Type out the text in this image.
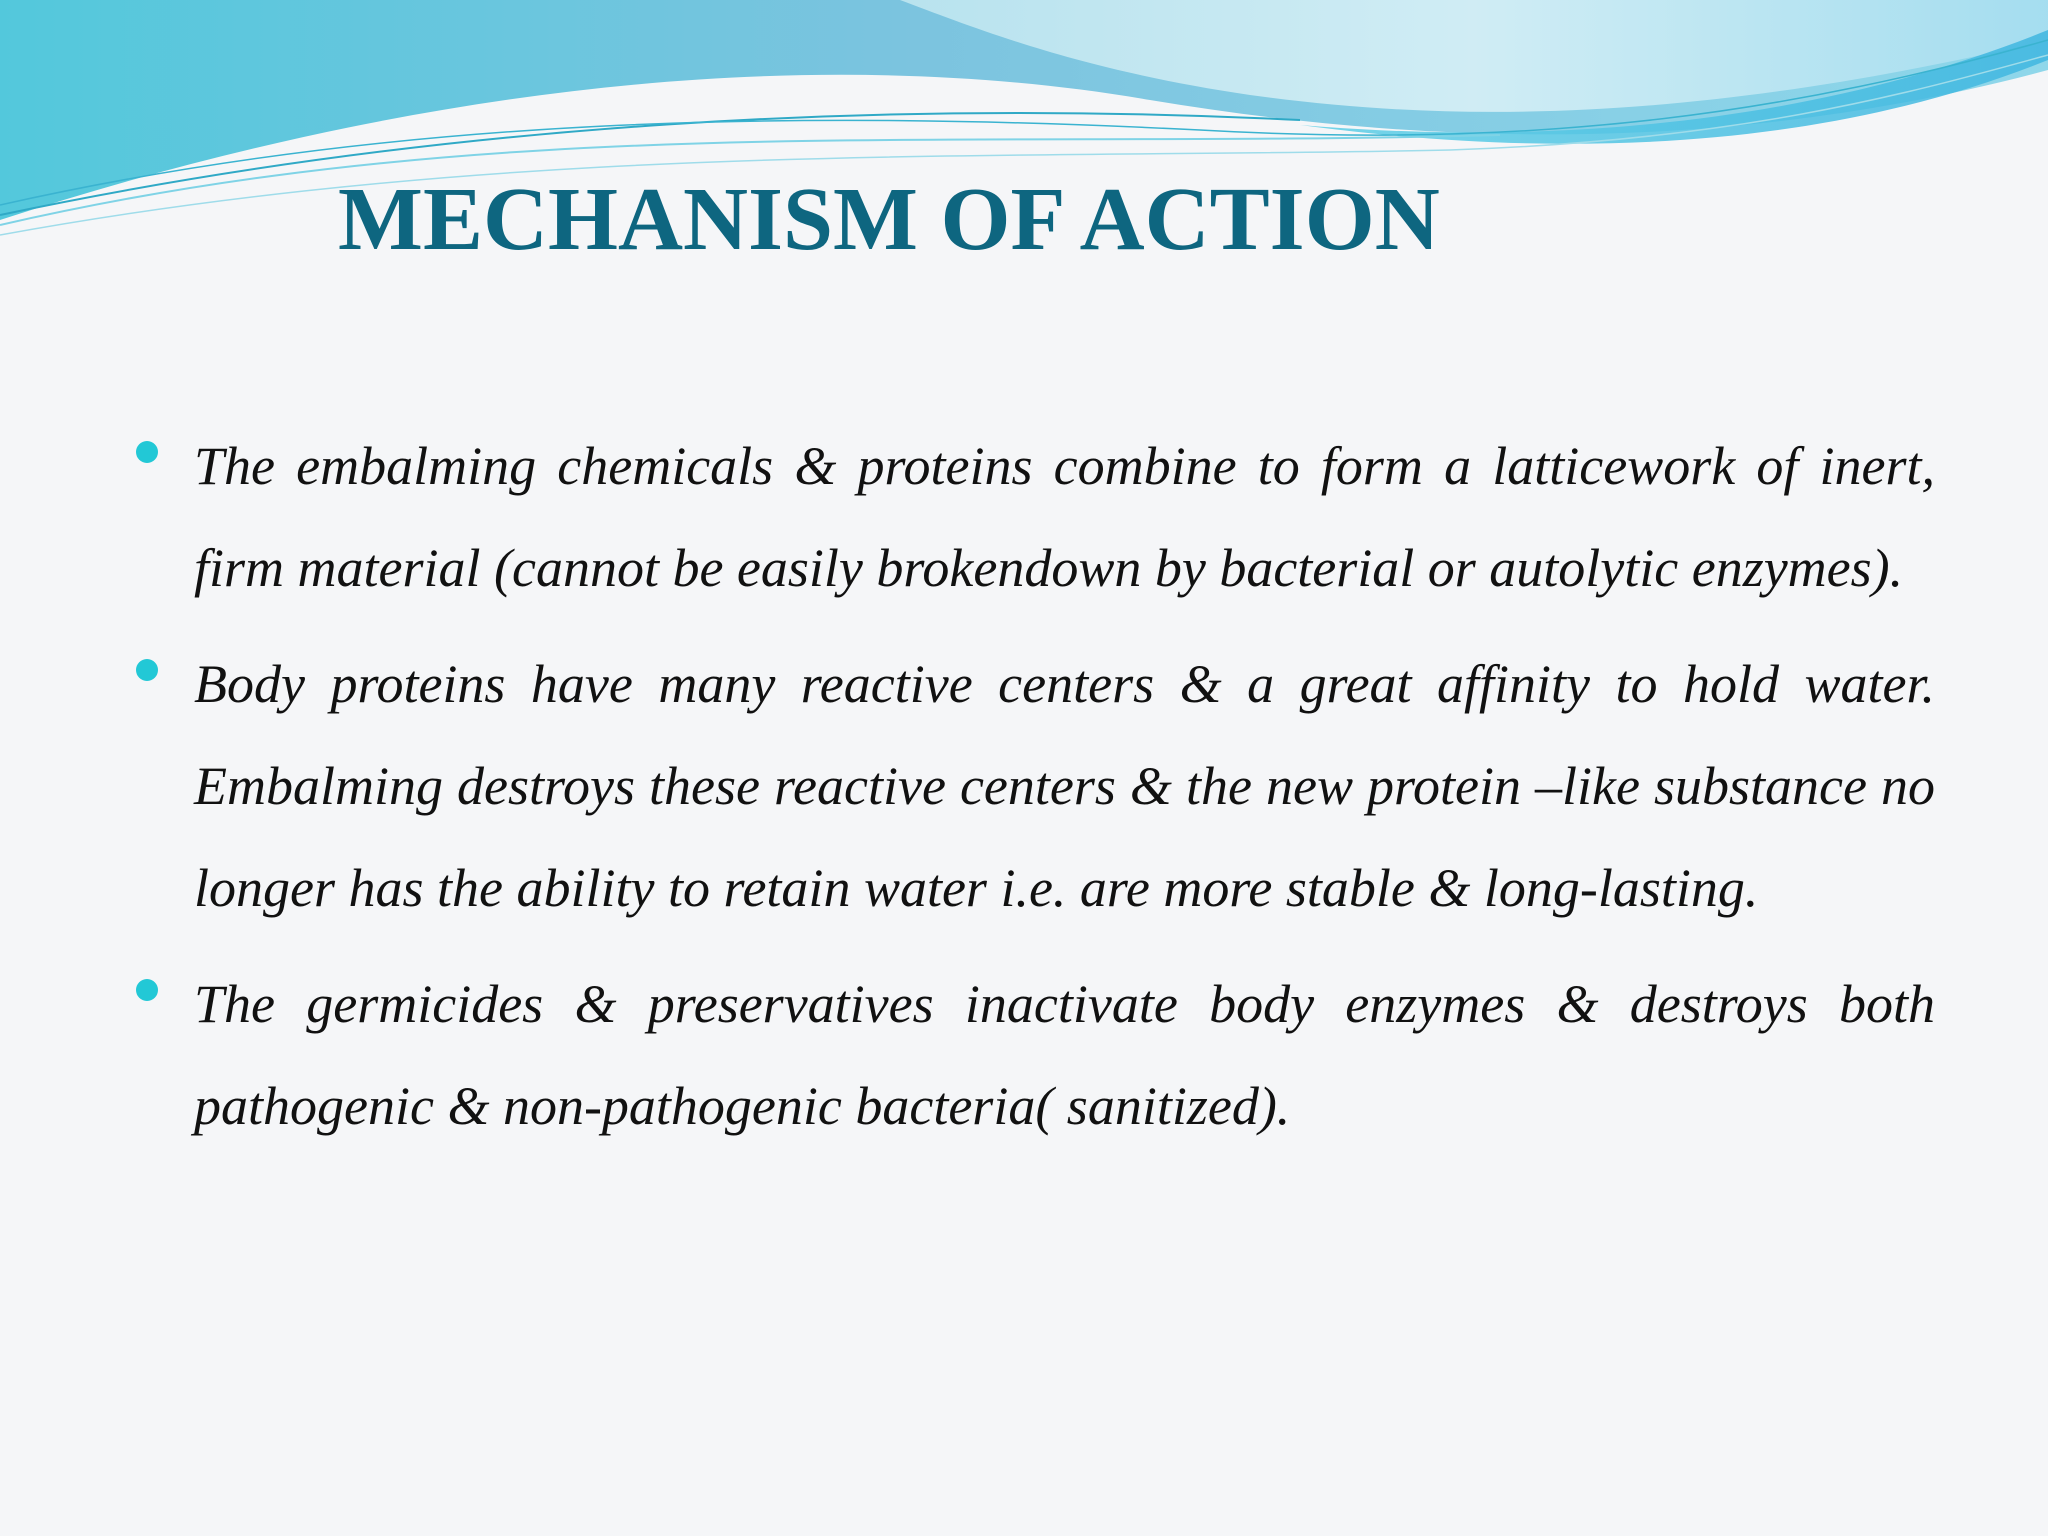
MECHANISM OF ACTION
The embalming chemicals & proteins combine to form a latticework of inert, firm material (cannot be easily brokendown by bacterial or autolytic enzymes).
Body proteins have many reactive centers & a great affinity to hold water. Embalming destroys these reactive centers & the new protein –like substance no longer has the ability to retain water i.e. are more stable & long-lasting.
The germicides & preservatives inactivate body enzymes & destroys both pathogenic & non-pathogenic bacteria( sanitized).
